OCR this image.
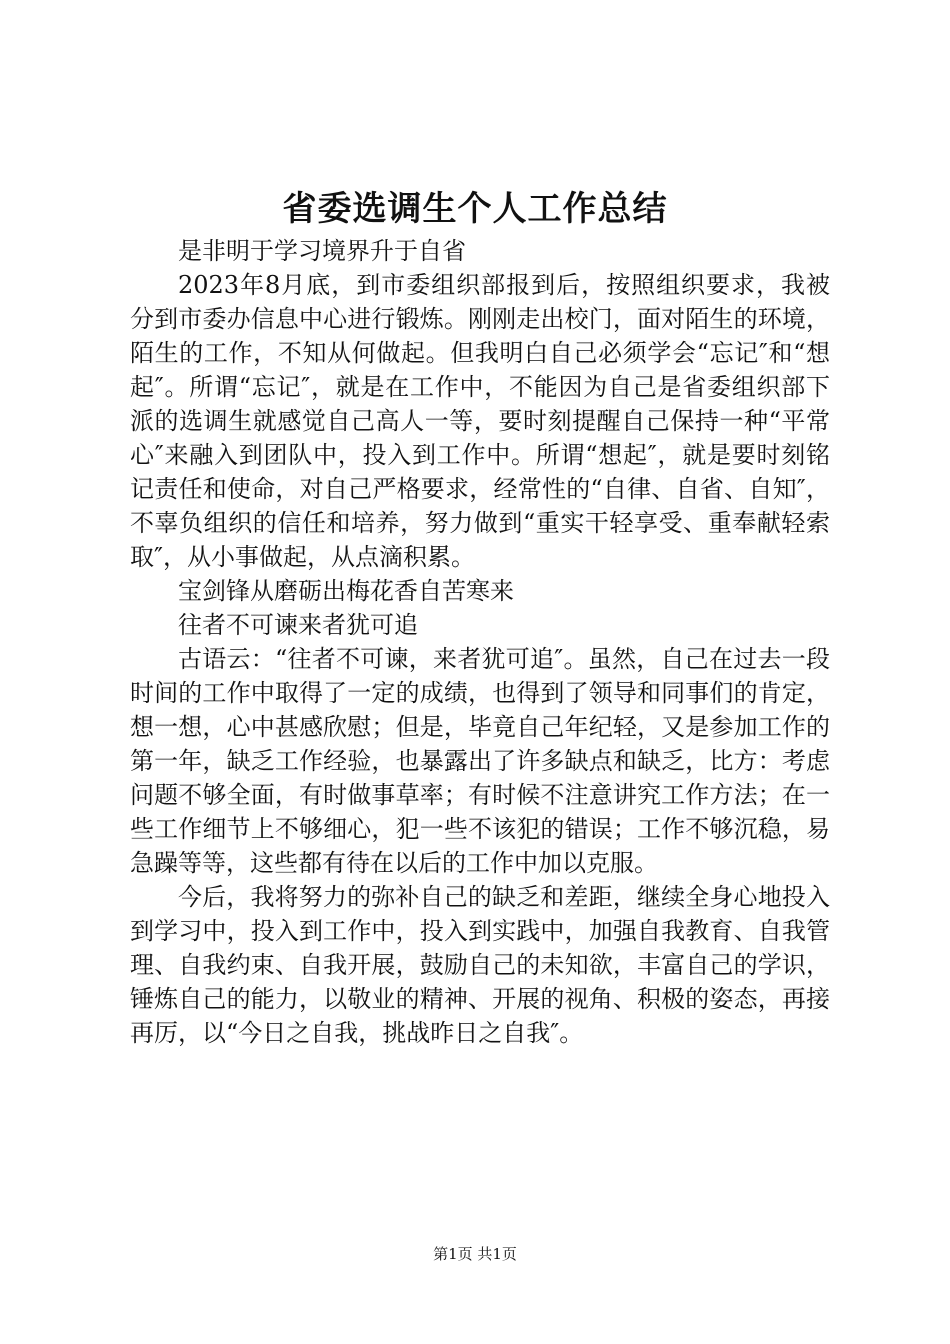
省委选调生个人工作总结

是非明于学习境界升于自省

2023年8月底，到市委组织部报到后，按照组织要求，我被分到市委办信息中心进行锻炼。刚刚走出校门，面对陌生的环境，陌生的工作，不知从何做起。但我明白自己必须学会“忘记″和“想起″。所谓“忘记″，就是在工作中，不能因为自己是省委组织部下派的选调生就感觉自己高人一等，要时刻提醒自己保持一种“平常心″来融入到团队中，投入到工作中。所谓“想起″，就是要时刻铭记责任和使命，对自己严格要求，经常性的“自律、自省、自知″，不辜负组织的信任和培养，努力做到“重实干轻享受、重奉献轻索取″，从小事做起，从点滴积累。

宝剑锋从磨砺出梅花香自苦寒来

往者不可谏来者犹可追

古语云：“往者不可谏，来者犹可追″。虽然，自己在过去一段时间的工作中取得了一定的成绩，也得到了领导和同事们的肯定，想一想，心中甚感欣慰；但是，毕竟自己年纪轻，又是参加工作的第一年，缺乏工作经验，也暴露出了许多缺点和缺乏，比方：考虑问题不够全面，有时做事草率；有时候不注意讲究工作方法；在一些工作细节上不够细心，犯一些不该犯的错误；工作不够沉稳，易急躁等等，这些都有待在以后的工作中加以克服。

今后，我将努力的弥补自己的缺乏和差距，继续全身心地投入到学习中，投入到工作中，投入到实践中，加强自我教育、自我管理、自我约束、自我开展，鼓励自己的未知欲，丰富自己的学识，锤炼自己的能力，以敬业的精神、开展的视角、积极的姿态，再接再厉，以“今日之自我，挑战昨日之自我″。

第1页 共1页
